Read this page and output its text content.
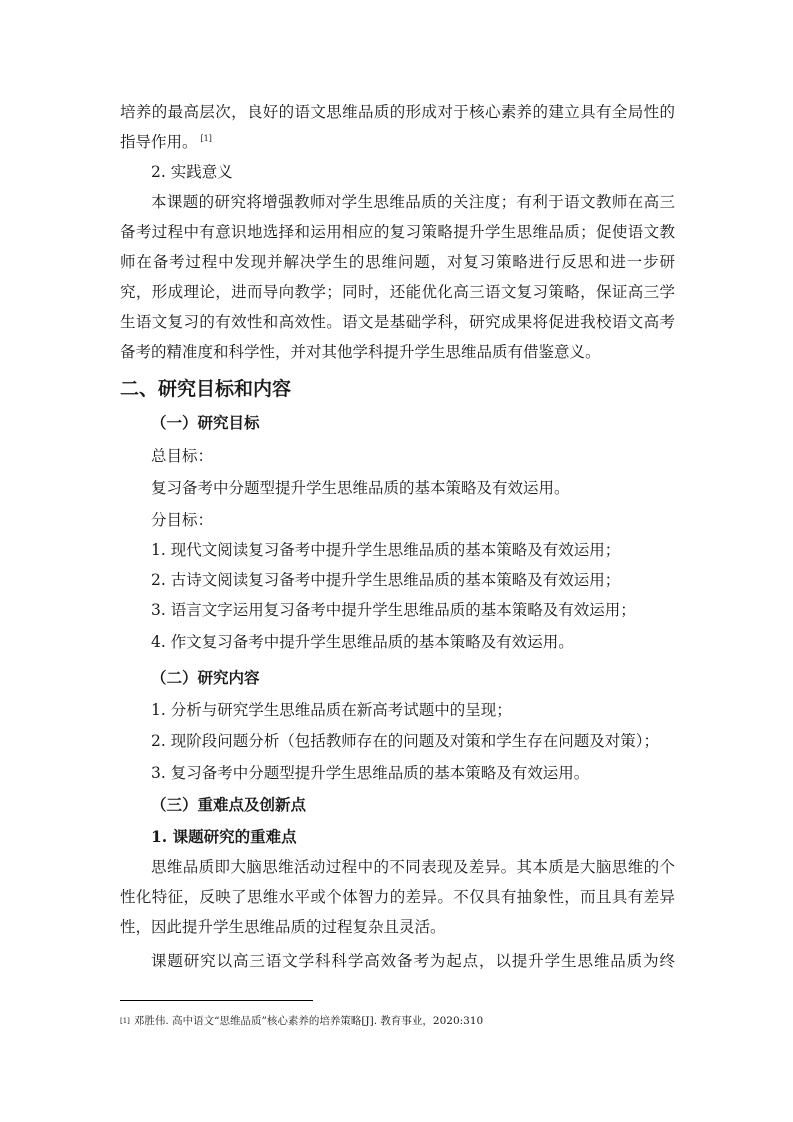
培养的最高层次，良好的语文思维品质的形成对于核心素养的建立具有全局性的
指导作用。 [1]
2. 实践意义
本课题的研究将增强教师对学生思维品质的关注度；有利于语文教师在高三
备考过程中有意识地选择和运用相应的复习策略提升学生思维品质；促使语文教
师在备考过程中发现并解决学生的思维问题，对复习策略进行反思和进一步研
究，形成理论，进而导向教学；同时，还能优化高三语文复习策略，保证高三学
生语文复习的有效性和高效性。语文是基础学科，研究成果将促进我校语文高考
备考的精准度和科学性，并对其他学科提升学生思维品质有借鉴意义。
二、研究目标和内容
（一）研究目标
总目标：
复习备考中分题型提升学生思维品质的基本策略及有效运用。
分目标：
1. 现代文阅读复习备考中提升学生思维品质的基本策略及有效运用；
2. 古诗文阅读复习备考中提升学生思维品质的基本策略及有效运用；
3. 语言文字运用复习备考中提升学生思维品质的基本策略及有效运用；
4. 作文复习备考中提升学生思维品质的基本策略及有效运用。
（二）研究内容
1. 分析与研究学生思维品质在新高考试题中的呈现；
2. 现阶段问题分析（包括教师存在的问题及对策和学生存在问题及对策）；
3. 复习备考中分题型提升学生思维品质的基本策略及有效运用。
（三）重难点及创新点
1. 课题研究的重难点
思维品质即大脑思维活动过程中的不同表现及差异。其本质是大脑思维的个
性化特征，反映了思维水平或个体智力的差异。不仅具有抽象性，而且具有差异
性，因此提升学生思维品质的过程复杂且灵活。
课题研究以高三语文学科科学高效备考为起点，以提升学生思维品质为终
[1] 邓胜伟. 高中语文“思维品质”核心素养的培养策略[J]. 教育事业，2020:310
